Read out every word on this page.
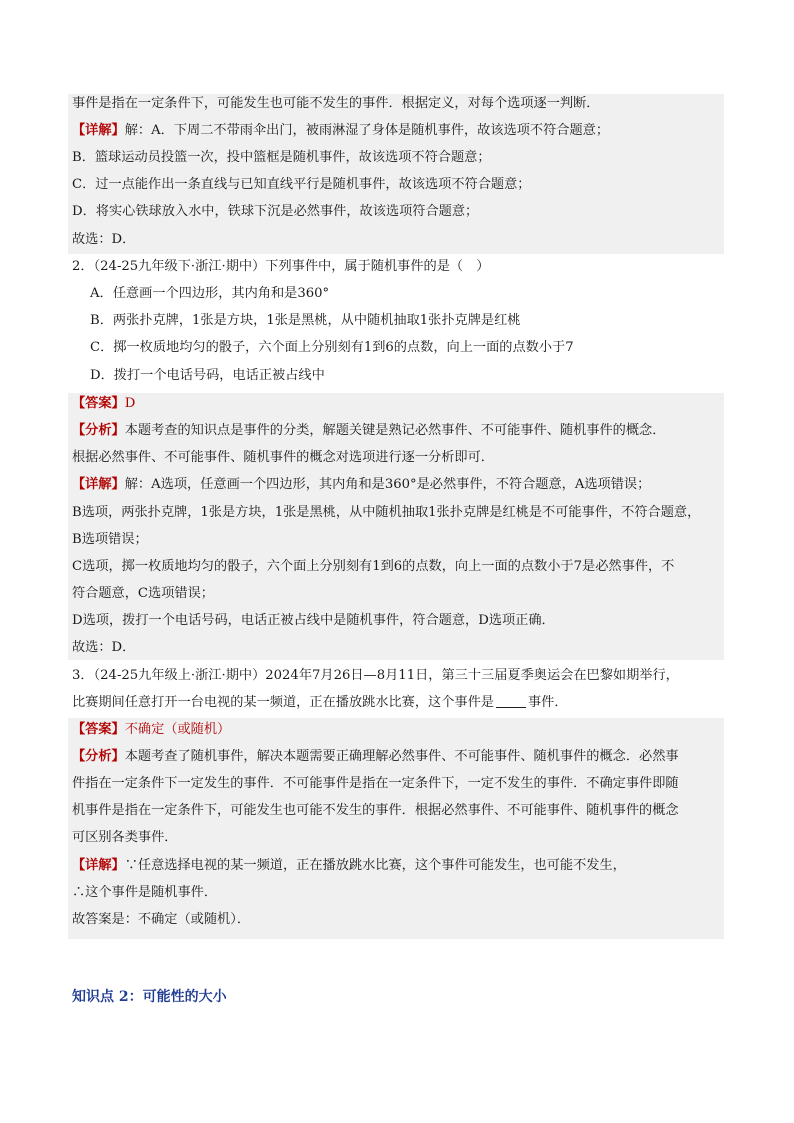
事件是指在一定条件下，可能发生也可能不发生的事件．根据定义，对每个选项逐一判断．
【详解】解：A．下周二不带雨伞出门，被雨淋湿了身体是随机事件，故该选项不符合题意；
B．篮球运动员投篮一次，投中篮框是随机事件，故该选项不符合题意；
C．过一点能作出一条直线与已知直线平行是随机事件，故该选项不符合题意；
D．将实心铁球放入水中，铁球下沉是必然事件，故该选项符合题意；
故选：D．
2．（24-25九年级下·浙江·期中）下列事件中，属于随机事件的是（　）
A．任意画一个四边形，其内角和是360°
B．两张扑克牌，1张是方块，1张是黑桃，从中随机抽取1张扑克牌是红桃
C．掷一枚质地均匀的骰子，六个面上分别刻有1到6的点数，向上一面的点数小于7
D．拨打一个电话号码，电话正被占线中
【答案】D
【分析】本题考查的知识点是事件的分类，解题关键是熟记必然事件、不可能事件、随机事件的概念．
根据必然事件、不可能事件、随机事件的概念对选项进行逐一分析即可．
【详解】解：A选项，任意画一个四边形，其内角和是360°是必然事件，不符合题意，A选项错误；
B选项，两张扑克牌，1张是方块，1张是黑桃，从中随机抽取1张扑克牌是红桃是不可能事件，不符合题意，
B选项错误；
C选项，掷一枚质地均匀的骰子，六个面上分别刻有1到6的点数，向上一面的点数小于7是必然事件，不
符合题意，C选项错误；
D选项，拨打一个电话号码，电话正被占线中是随机事件，符合题意，D选项正确．
故选：D．
3．（24-25九年级上·浙江·期中）2024年7月26日—8月11日，第三十三届夏季奥运会在巴黎如期举行，
比赛期间任意打开一台电视的某一频道，正在播放跳水比赛，这个事件是	事件．
【答案】不确定（或随机）
【分析】本题考查了随机事件，解决本题需要正确理解必然事件、不可能事件、随机事件的概念．必然事
件指在一定条件下一定发生的事件．不可能事件是指在一定条件下，一定不发生的事件．不确定事件即随
机事件是指在一定条件下，可能发生也可能不发生的事件．根据必然事件、不可能事件、随机事件的概念
可区别各类事件．
【详解】∵任意选择电视的某一频道，正在播放跳水比赛，这个事件可能发生，也可能不发生，
∴这个事件是随机事件．
故答案是：不确定（或随机）．
知识点 2：可能性的大小
